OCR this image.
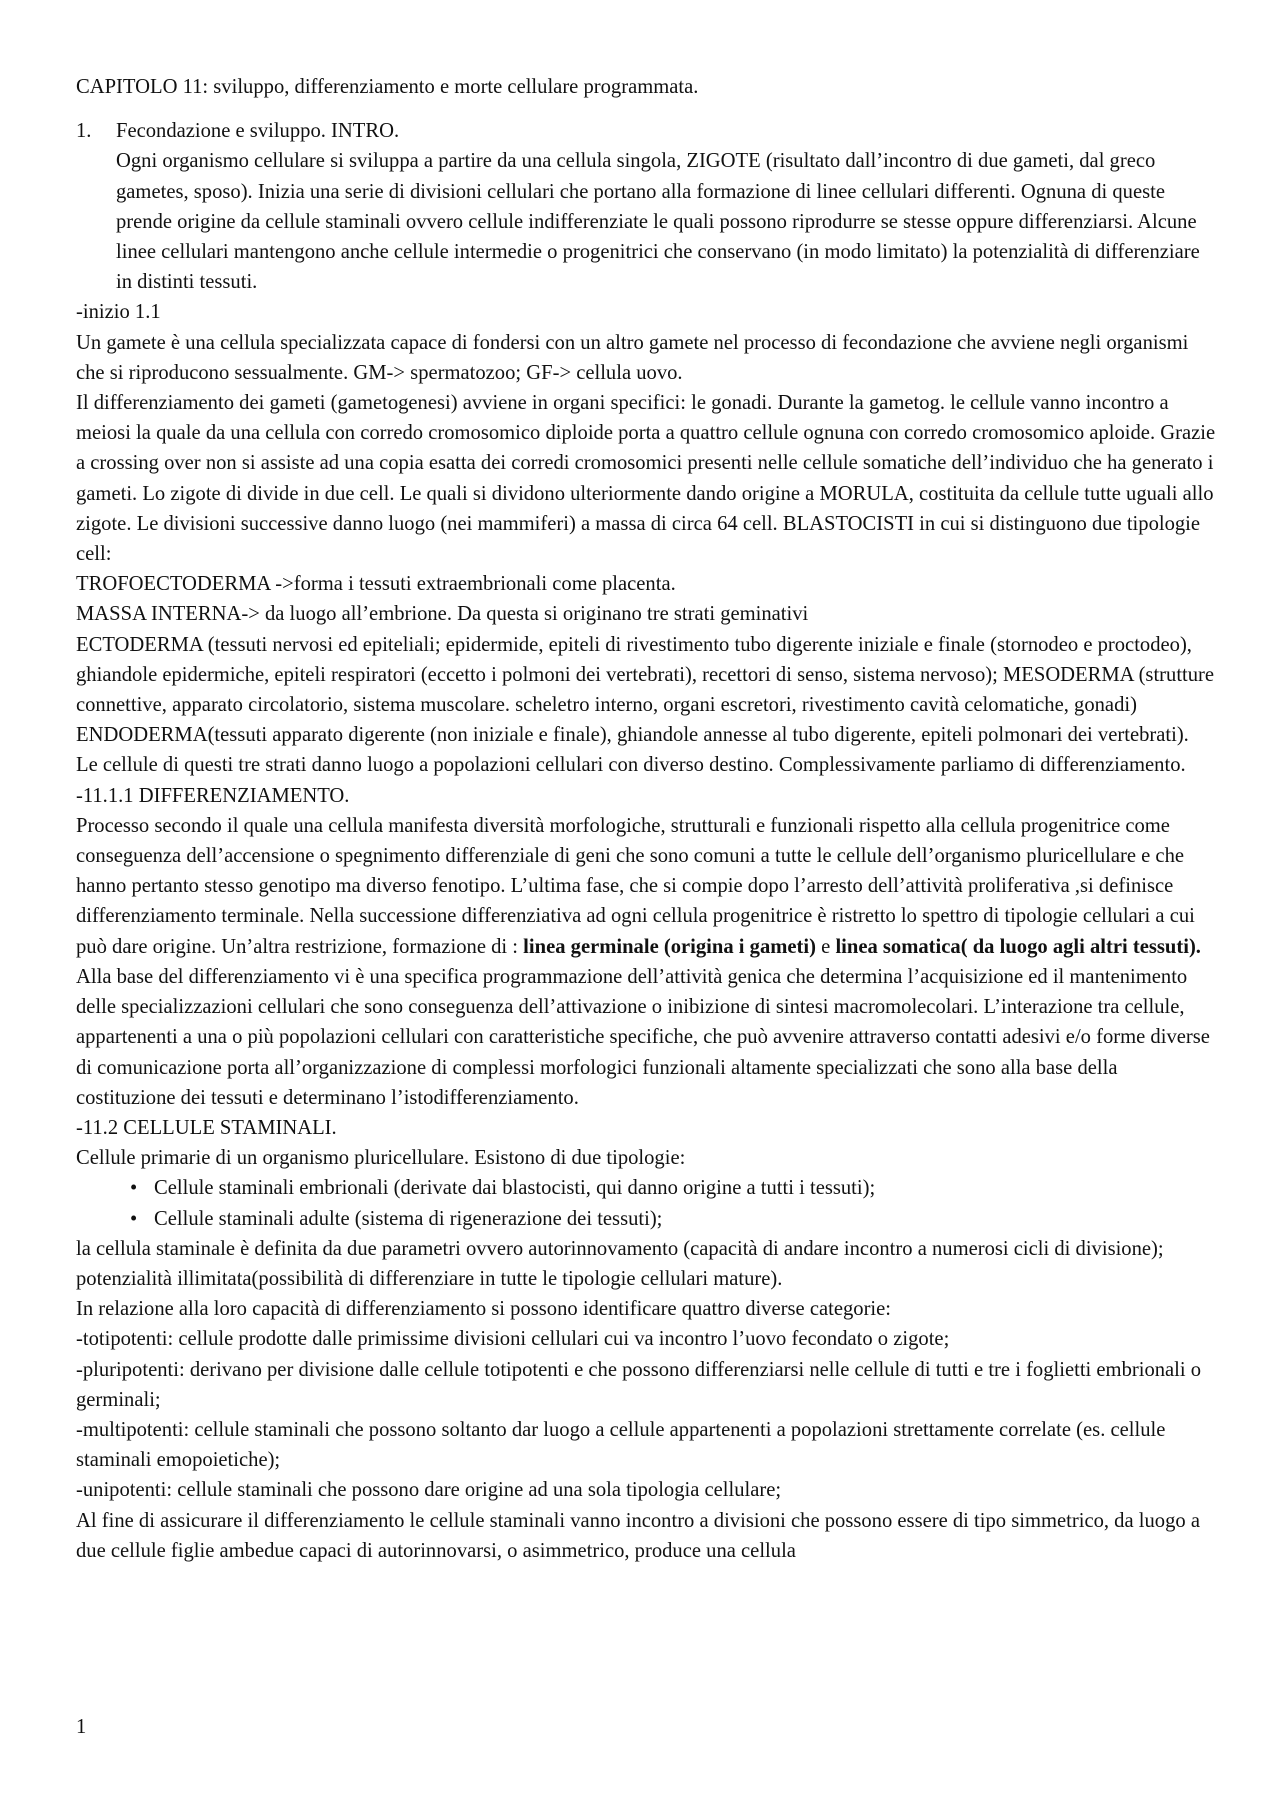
CAPITOLO 11: sviluppo, differenziamento e morte cellulare programmata.

1.	Fecondazione e sviluppo. INTRO.

Ogni organismo cellulare si sviluppa a partire da una cellula singola, ZIGOTE (risultato dall’incontro di due gameti, dal greco gametes, sposo). Inizia una serie di divisioni cellulari che portano alla formazione di linee cellulari differenti. Ognuna di queste prende origine da cellule staminali ovvero cellule indifferenziate le quali possono riprodurre se stesse oppure differenziarsi. Alcune linee cellulari mantengono anche cellule intermedie o progenitrici che conservano (in modo limitato) la potenzialità di differenziare in distinti tessuti.

-inizio 1.1

Un gamete è una cellula specializzata capace di fondersi con un altro gamete nel processo di fecondazione che avviene negli organismi che si riproducono sessualmente. GM-> spermatozoo; GF-> cellula uovo.

Il differenziamento dei gameti (gametogenesi) avviene in organi specifici: le gonadi. Durante la gametog. le cellule vanno incontro a meiosi la quale da una cellula con corredo cromosomico diploide porta a quattro cellule ognuna con corredo cromosomico aploide. Grazie a crossing over non si assiste ad una copia esatta dei corredi cromosomici presenti nelle cellule somatiche dell’individuo che ha generato i gameti. Lo zigote di divide in due cell. Le quali si dividono ulteriormente dando origine a MORULA, costituita da cellule tutte uguali allo zigote. Le divisioni successive danno luogo (nei mammiferi) a massa di circa 64 cell. BLASTOCISTI in cui si distinguono due tipologie cell:

TROFOECTODERMA ->forma i tessuti extraembrionali come placenta.

MASSA INTERNA-> da luogo all’embrione. Da questa si originano tre strati geminativi

ECTODERMA (tessuti nervosi ed epiteliali; epidermide, epiteli di rivestimento tubo digerente iniziale e finale (stornodeo e proctodeo), ghiandole epidermiche, epiteli respiratori (eccetto i polmoni dei vertebrati), recettori di senso, sistema nervoso); MESODERMA (strutture connettive, apparato circolatorio, sistema muscolare. scheletro interno, organi escretori, rivestimento cavità celomatiche, gonadi) ENDODERMA(tessuti apparato digerente (non iniziale e finale), ghiandole annesse al tubo digerente, epiteli polmonari dei vertebrati).

Le cellule di questi tre strati danno luogo a popolazioni cellulari con diverso destino. Complessivamente parliamo di differenziamento.

-11.1.1 DIFFERENZIAMENTO.

Processo secondo il quale una cellula manifesta diversità morfologiche, strutturali e funzionali rispetto alla cellula progenitrice come conseguenza dell’accensione o spegnimento differenziale di geni che sono comuni a tutte le cellule dell’organismo pluricellulare e che hanno pertanto stesso genotipo ma diverso fenotipo. L’ultima fase, che si compie dopo l’arresto dell’attività proliferativa ,si definisce differenziamento terminale. Nella successione differenziativa ad ogni cellula progenitrice è ristretto lo spettro di tipologie cellulari a cui può dare origine. Un’altra restrizione, formazione di : linea germinale (origina i gameti) e linea somatica( da luogo agli altri tessuti).

Alla base del differenziamento vi è una specifica programmazione dell’attività genica che determina l’acquisizione ed il mantenimento delle specializzazioni cellulari che sono conseguenza dell’attivazione o inibizione di sintesi macromolecolari. L’interazione tra cellule, appartenenti a una o più popolazioni cellulari con caratteristiche specifiche, che può avvenire attraverso contatti adesivi e/o forme diverse di comunicazione porta all’organizzazione di complessi morfologici funzionali altamente specializzati che sono alla base della costituzione dei tessuti e determinano l’istodifferenziamento.

-11.2 CELLULE STAMINALI.

Cellule primarie di un organismo pluricellulare. Esistono di due tipologie:

• Cellule staminali embrionali (derivate dai blastocisti, qui danno origine a tutti i tessuti);
• Cellule staminali adulte (sistema di rigenerazione dei tessuti);

la cellula staminale è definita da due parametri ovvero autorinnovamento (capacità di andare incontro a numerosi cicli di divisione); potenzialità illimitata(possibilità di differenziare in tutte le tipologie cellulari mature).

In relazione alla loro capacità di differenziamento si possono identificare quattro diverse categorie:

-totipotenti: cellule prodotte dalle primissime divisioni cellulari cui va incontro l’uovo fecondato o zigote;

-pluripotenti: derivano per divisione dalle cellule totipotenti e che possono differenziarsi nelle cellule di tutti e tre i foglietti embrionali o germinali;

-multipotenti: cellule staminali che possono soltanto dar luogo a cellule appartenenti a popolazioni strettamente correlate (es. cellule staminali emopoietiche);

-unipotenti: cellule staminali che possono dare origine ad una sola tipologia cellulare;

Al fine di assicurare il differenziamento le cellule staminali vanno incontro a divisioni che possono essere di tipo simmetrico, da luogo a due cellule figlie ambedue capaci di autorinnovarsi, o asimmetrico, produce una cellula

1
